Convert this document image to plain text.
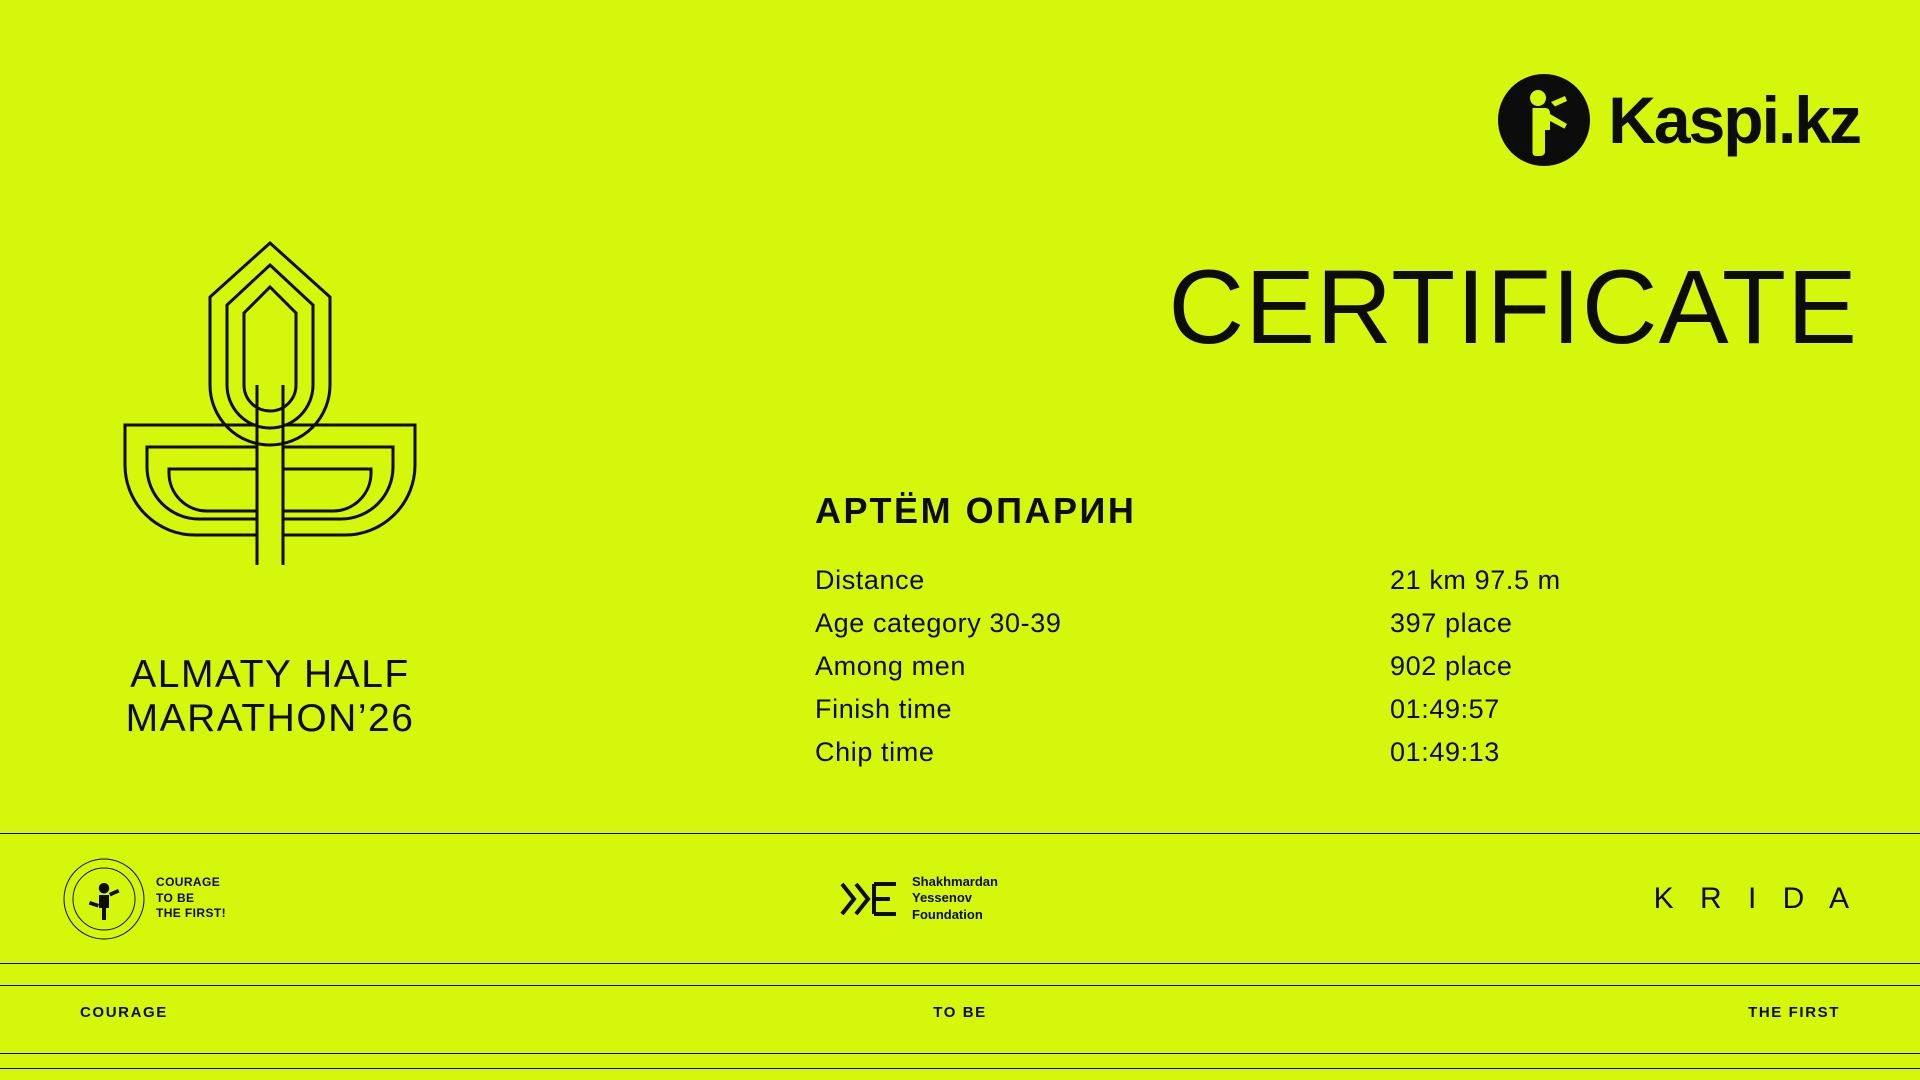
Kaspi.kz
CERTIFICATE
ALMATY HALF
MARATHON’26
АРТЁМ ОПАРИН
Distance	21 km 97.5 m
Age category 30-39	397 place
Among men	902 place
Finish time	01:49:57
Chip time	01:49:13
COURAGE
TO BE
THE FIRST!
Shakhmardan
Yessenov
Foundation	K R I D A
COURAGE	TO BE	THE FIRST
